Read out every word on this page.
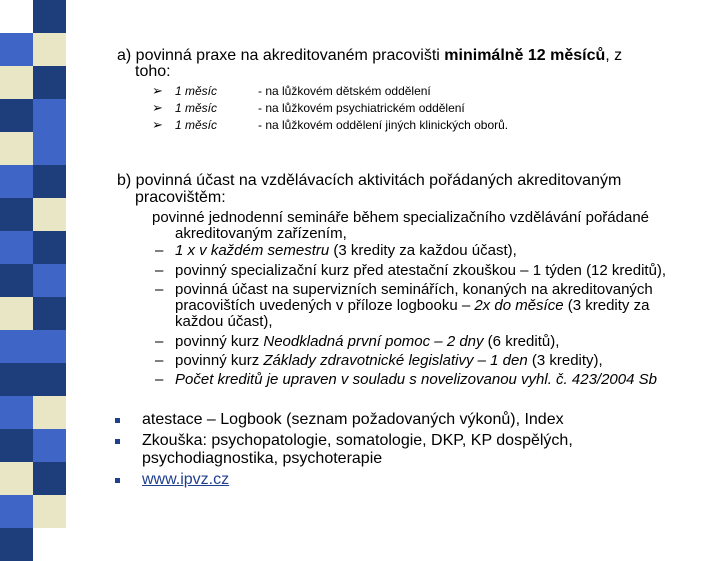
a) povinná praxe na akreditovaném pracovišti minimálně 12 měsíců, z
toho:
➢ 1 měsíc	- na lůžkovém dětském oddělení
➢ 1 měsíc	- na lůžkovém psychiatrickém oddělení
➢ 1 měsíc	- na lůžkovém oddělení jiných klinických oborů.
b) povinná účast na vzdělávacích aktivitách pořádaných akreditovaným
pracovištěm:
povinné jednodenní semináře během specializačního vzdělávání pořádané
akreditovaným zařízením,
– 1 x v každém semestru (3 kredity za každou účast),
– povinný specializační kurz před atestační zkouškou – 1 týden (12 kreditů),
– povinná účast na supervizních seminářích, konaných na akreditovaných
pracovištích uvedených v příloze logbooku – 2x do měsíce (3 kredity za
každou účast),
– povinný kurz Neodkladná první pomoc – 2 dny (6 kreditů),
– povinný kurz Základy zdravotnické legislativy – 1 den (3 kredity),
– Počet kreditů je upraven v souladu s novelizovanou vyhl. č. 423/2004 Sb
atestace – Logbook (seznam požadovaných výkonů), Index
Zkouška: psychopatologie, somatologie, DKP, KP dospělých,
psychodiagnostika, psychoterapie
www.ipvz.cz
